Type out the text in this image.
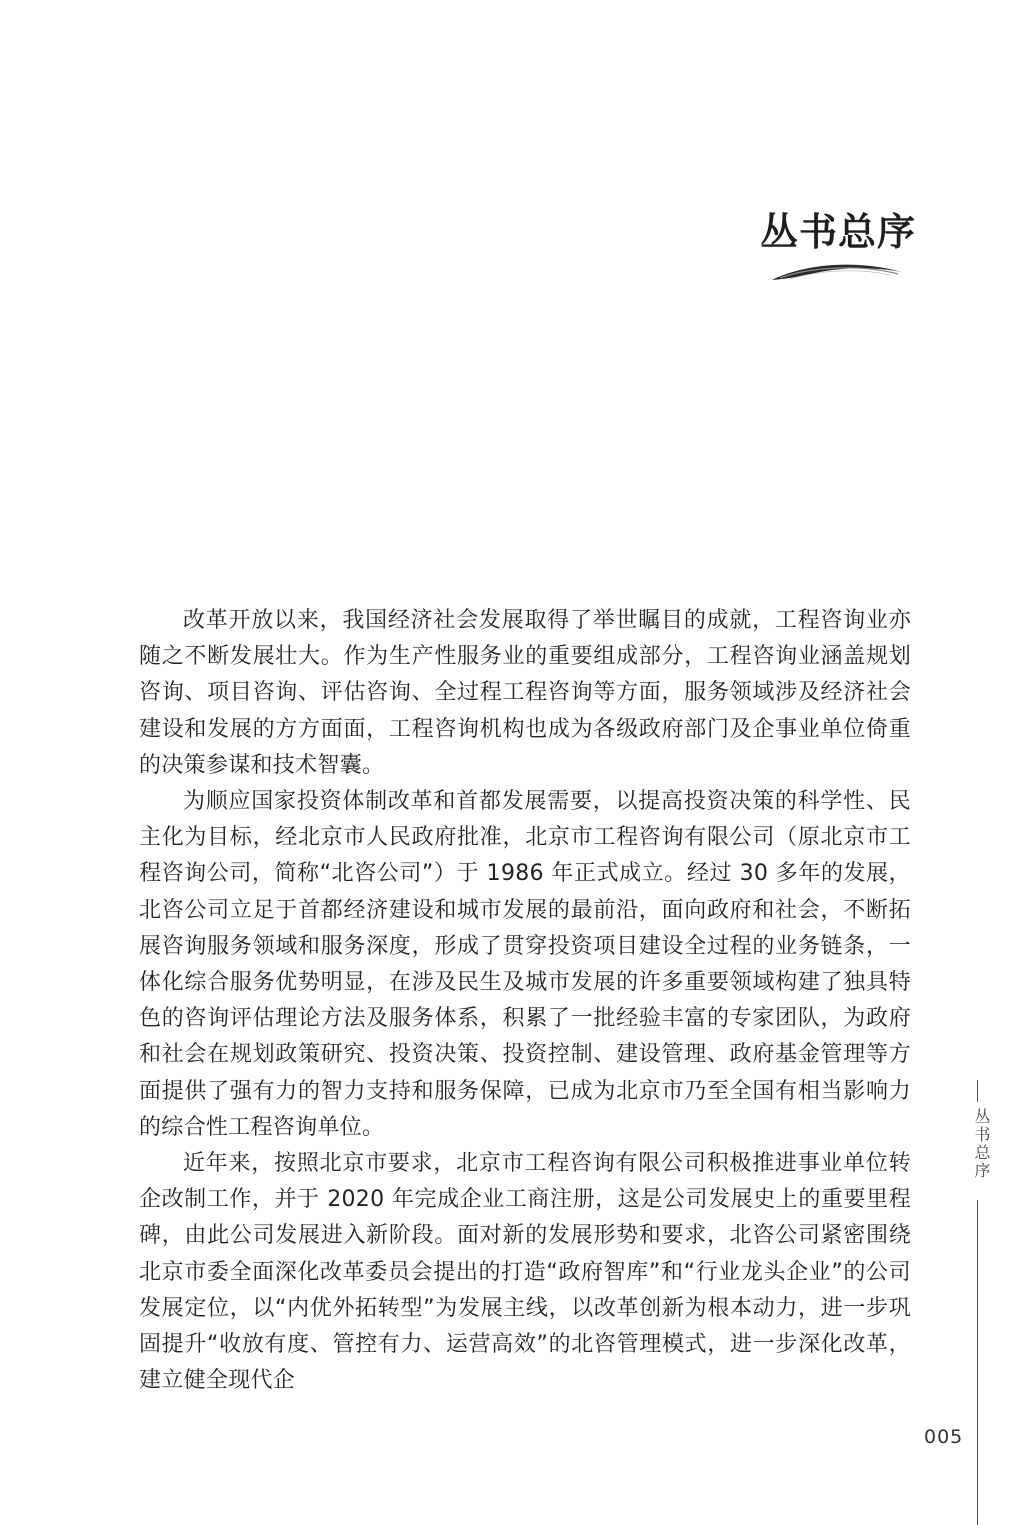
丛书总序

改革开放以来，我国经济社会发展取得了举世瞩目的成就，工程咨询业亦随之不断发展壮大。作为生产性服务业的重要组成部分，工程咨询业涵盖规划咨询、项目咨询、评估咨询、全过程工程咨询等方面，服务领域涉及经济社会建设和发展的方方面面，工程咨询机构也成为各级政府部门及企事业单位倚重的决策参谋和技术智囊。

为顺应国家投资体制改革和首都发展需要，以提高投资决策的科学性、民主化为目标，经北京市人民政府批准，北京市工程咨询有限公司（原北京市工程咨询公司，简称“北咨公司”）于 1986 年正式成立。经过 30 多年的发展，北咨公司立足于首都经济建设和城市发展的最前沿，面向政府和社会，不断拓展咨询服务领域和服务深度，形成了贯穿投资项目建设全过程的业务链条，一体化综合服务优势明显，在涉及民生及城市发展的许多重要领域构建了独具特色的咨询评估理论方法及服务体系，积累了一批经验丰富的专家团队，为政府和社会在规划政策研究、投资决策、投资控制、建设管理、政府基金管理等方面提供了强有力的智力支持和服务保障，已成为北京市乃至全国有相当影响力的综合性工程咨询单位。

近年来，按照北京市要求，北京市工程咨询有限公司积极推进事业单位转企改制工作，并于 2020 年完成企业工商注册，这是公司发展史上的重要里程碑，由此公司发展进入新阶段。面对新的发展形势和要求，北咨公司紧密围绕北京市委全面深化改革委员会提出的打造“政府智库”和“行业龙头企业”的公司发展定位，以“内优外拓转型”为发展主线，以改革创新为根本动力，进一步巩固提升“收放有度、管控有力、运营高效”的北咨管理模式，进一步深化改革，建立健全现代企

丛书总序
005
